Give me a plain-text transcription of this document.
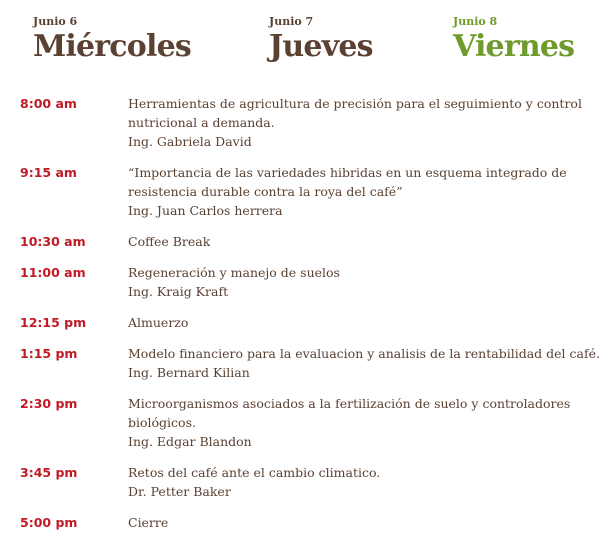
Junio 6
Miércoles
Junio 7
Jueves
Junio 8
Viernes
8:00 am	Herramientas de agricultura de precisión para el seguimiento y control nutricional a demanda.
Ing. Gabriela David
9:15 am	“Importancia de las variedades hibridas en un esquema integrado de resistencia durable contra la roya del café”
Ing. Juan Carlos herrera
10:30 am	Coffee Break
11:00 am	Regeneración y manejo de suelos
Ing. Kraig Kraft
12:15 pm	Almuerzo
1:15 pm	Modelo financiero para la evaluacion y analisis de la rentabilidad del café.
Ing. Bernard Kilian
2:30 pm	Microorganismos asociados a la fertilización de suelo y controladores biológicos.
Ing. Edgar Blandon
3:45 pm	Retos del café ante el cambio climatico.
Dr. Petter Baker
5:00 pm	Cierre
